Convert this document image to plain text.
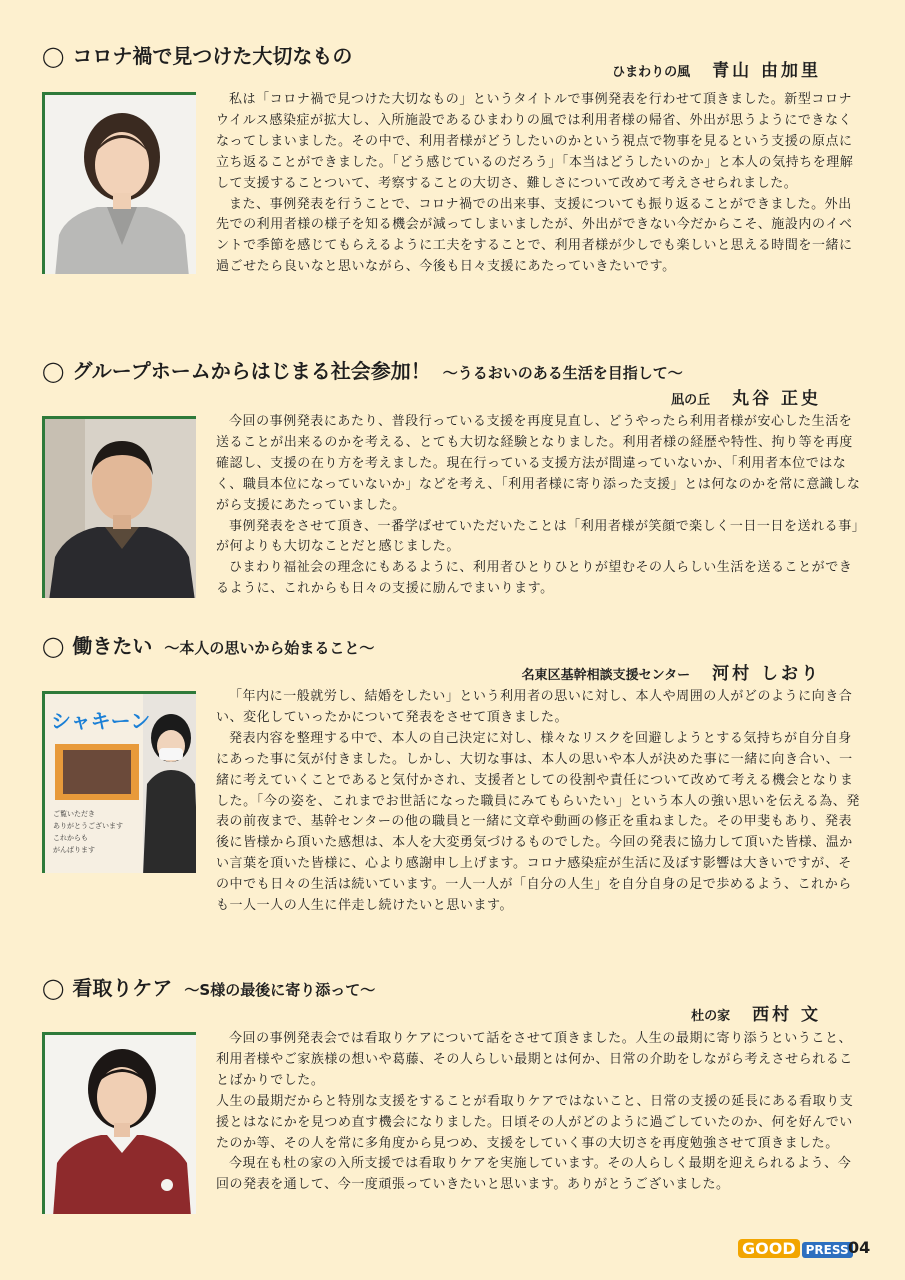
◯ コロナ禍で見つけた大切なもの
ひまわりの風 青山 由加里

私は「コロナ禍で見つけた大切なもの」というタイトルで事例発表を行わせて頂きました。新型コロナウイルス感染症が拡大し、入所施設であるひまわりの風では利用者様の帰省、外出が思うようにできなくなってしまいました。その中で、利用者様がどうしたいのかという視点で物事を見るという支援の原点に立ち返ることができました。「どう感じているのだろう」「本当はどうしたいのか」と本人の気持ちを理解して支援することついて、考察することの大切さ、難しさについて改めて考えさせられました。

また、事例発表を行うことで、コロナ禍での出来事、支援についても振り返ることができました。外出先での利用者様の様子を知る機会が減ってしまいましたが、外出ができない今だからこそ、施設内のイベントで季節を感じてもらえるように工夫をすることで、利用者様が少しでも楽しいと思える時間を一緒に過ごせたら良いなと思いながら、今後も日々支援にあたっていきたいです。

◯ グループホームからはじまる社会参加！ ～うるおいのある生活を目指して～
凪の丘 丸谷 正史

今回の事例発表にあたり、普段行っている支援を再度見直し、どうやったら利用者様が安心した生活を送ることが出来るのかを考える、とても大切な経験となりました。利用者様の経歴や特性、拘り等を再度確認し、支援の在り方を考えました。現在行っている支援方法が間違っていないか、「利用者本位ではなく、職員本位になっていないか」などを考え、「利用者様に寄り添った支援」とは何なのかを常に意識しながら支援にあたっていました。

事例発表をさせて頂き、一番学ばせていただいたことは「利用者様が笑顔で楽しく一日一日を送れる事」が何よりも大切なことだと感じました。

ひまわり福祉会の理念にもあるように、利用者ひとりひとりが望むその人らしい生活を送ることができるように、これからも日々の支援に励んでまいります。

◯ 働きたい ～本人の思いから始まること～
名東区基幹相談支援センター 河村 しおり
シャキーン
ご覧いただき
ありがとうございます
これからも
がんばります

「年内に一般就労し、結婚をしたい」という利用者の思いに対し、本人や周囲の人がどのように向き合い、変化していったかについて発表をさせて頂きました。

発表内容を整理する中で、本人の自己決定に対し、様々なリスクを回避しようとする気持ちが自分自身にあった事に気が付きました。しかし、大切な事は、本人の思いや本人が決めた事に一緒に向き合い、一緒に考えていくことであると気付かされ、支援者としての役割や責任について改めて考える機会となりました。「今の姿を、これまでお世話になった職員にみてもらいたい」という本人の強い思いを伝える為、発表の前夜まで、基幹センターの他の職員と一緒に文章や動画の修正を重ねました。その甲斐もあり、発表後に皆様から頂いた感想は、本人を大変勇気づけるものでした。今回の発表に協力して頂いた皆様、温かい言葉を頂いた皆様に、心より感謝申し上げます。コロナ感染症が生活に及ぼす影響は大きいですが、その中でも日々の生活は続いています。一人一人が「自分の人生」を自分自身の足で歩めるよう、これからも一人一人の人生に伴走し続けたいと思います。

◯ 看取りケア ～S様の最後に寄り添って～
杜の家 西村 文

今回の事例発表会では看取りケアについて話をさせて頂きました。人生の最期に寄り添うということ、利用者様やご家族様の想いや葛藤、その人らしい最期とは何か、日常の介助をしながら考えさせられることばかりでした。

人生の最期だからと特別な支援をすることが看取りケアではないこと、日常の支援の延長にある看取り支援とはなにかを見つめ直す機会になりました。日頃その人がどのように過ごしていたのか、何を好んでいたのか等、その人を常に多角度から見つめ、支援をしていく事の大切さを再度勉強させて頂きました。

今現在も杜の家の入所支援では看取りケアを実施しています。その人らしく最期を迎えられるよう、今回の発表を通して、今一度頑張っていきたいと思います。ありがとうございました。

GOOD PRESS 04
